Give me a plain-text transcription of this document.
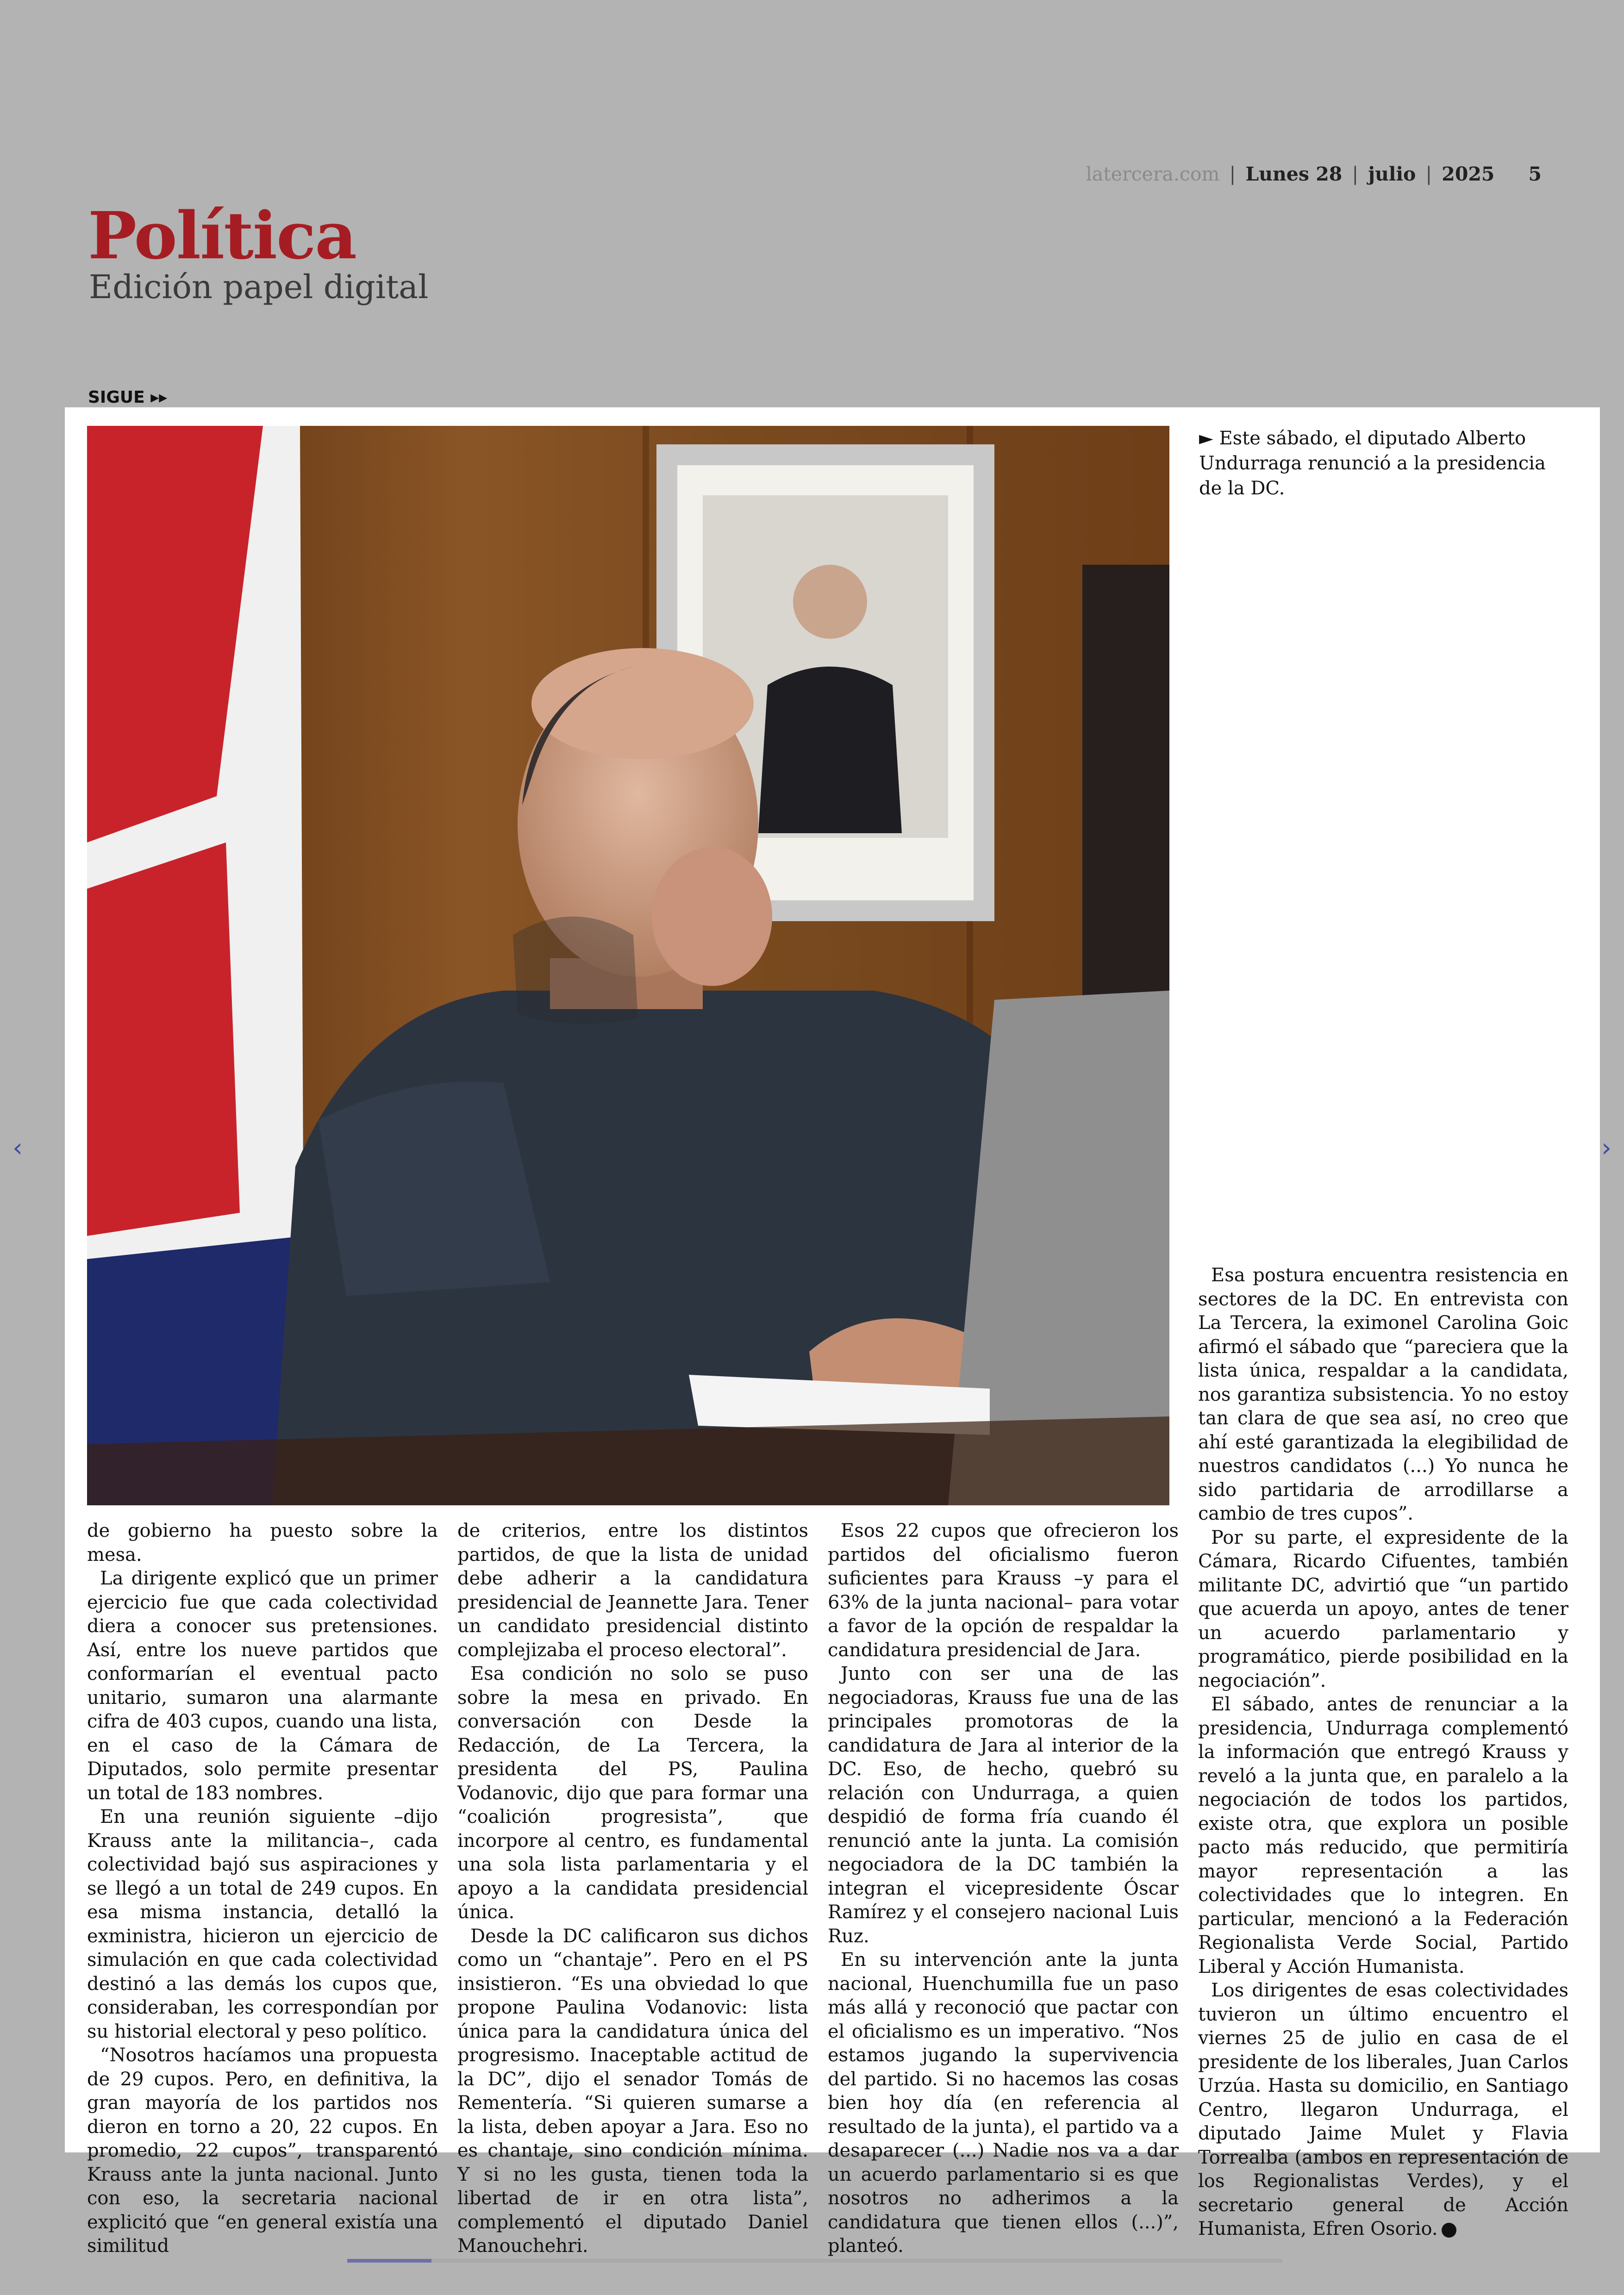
latercera.com | Lunes 28 | julio | 2025 5
Política
Edición papel digital
SIGUE ▸▸
‹	›
► Este sábado, el diputado Alberto Undurraga renunció a la presidencia de la DC.

de gobierno ha puesto sobre la mesa.

La dirigente explicó que un primer ejercicio fue que cada colectividad diera a conocer sus pretensiones. Así, entre los nueve partidos que conformarían el eventual pacto unitario, sumaron una alarmante cifra de 403 cupos, cuando una lista, en el caso de la Cámara de Diputados, solo permite presentar un total de 183 nombres.

En una reunión siguiente –dijo Krauss ante la militancia–, cada colectividad bajó sus aspiraciones y se llegó a un total de 249 cupos. En esa misma instancia, detalló la exministra, hicieron un ejercicio de simulación en que cada colectividad destinó a las demás los cupos que, consideraban, les correspondían por su historial electoral y peso político.

“Nosotros hacíamos una propuesta de 29 cupos. Pero, en definitiva, la gran mayoría de los partidos nos dieron en torno a 20, 22 cupos. En promedio, 22 cupos”, transparentó Krauss ante la junta nacional. Junto con eso, la secretaria nacional explicitó que “en general existía una similitud

de criterios, entre los distintos partidos, de que la lista de unidad debe adherir a la candidatura presidencial de Jeannette Jara. Tener un candidato presidencial distinto complejizaba el proceso electoral”.

Esa condición no solo se puso sobre la mesa en privado. En conversación con Desde la Redacción, de La Tercera, la presidenta del PS, Paulina Vodanovic, dijo que para formar una “coalición progresista”, que incorpore al centro, es fundamental una sola lista parlamentaria y el apoyo a la candidata presidencial única.

Desde la DC calificaron sus dichos como un “chantaje”. Pero en el PS insistieron. “Es una obviedad lo que propone Paulina Vodanovic: lista única para la candidatura única del progresismo. Inaceptable actitud de la DC”, dijo el senador Tomás de Rementería. “Si quieren sumarse a la lista, deben apoyar a Jara. Eso no es chantaje, sino condición mínima. Y si no les gusta, tienen toda la libertad de ir en otra lista”, complementó el diputado Daniel Manouchehri.

Esos 22 cupos que ofrecieron los partidos del oficialismo fueron suficientes para Krauss –y para el 63% de la junta nacional– para votar a favor de la opción de respaldar la candidatura presidencial de Jara.

Junto con ser una de las negociadoras, Krauss fue una de las principales promotoras de la candidatura de Jara al interior de la DC. Eso, de hecho, quebró su relación con Undurraga, a quien despidió de forma fría cuando él renunció ante la junta. La comisión negociadora de la DC también la integran el vicepresidente Óscar Ramírez y el consejero nacional Luis Ruz.

En su intervención ante la junta nacional, Huenchumilla fue un paso más allá y reconoció que pactar con el oficialismo es un imperativo. “Nos estamos jugando la supervivencia del partido. Si no hacemos las cosas bien hoy día (en referencia al resultado de la junta), el partido va a desaparecer (...) Nadie nos va a dar un acuerdo parlamentario si es que nosotros no adherimos a la candidatura que tienen ellos (...)”, planteó.

Esa postura encuentra resistencia en sectores de la DC. En entrevista con La Tercera, la eximonel Carolina Goic afirmó el sábado que “pareciera que la lista única, respaldar a la candidata, nos garantiza subsistencia. Yo no estoy tan clara de que sea así, no creo que ahí esté garantizada la elegibilidad de nuestros candidatos (...) Yo nunca he sido partidaria de arrodillarse a cambio de tres cupos”.

Por su parte, el expresidente de la Cámara, Ricardo Cifuentes, también militante DC, advirtió que “un partido que acuerda un apoyo, antes de tener un acuerdo parlamentario y programático, pierde posibilidad en la negociación”.

El sábado, antes de renunciar a la presidencia, Undurraga complementó la información que entregó Krauss y reveló a la junta que, en paralelo a la negociación de todos los partidos, existe otra, que explora un posible pacto más reducido, que permitiría mayor representación a las colectividades que lo integren. En particular, mencionó a la Federación Regionalista Verde Social, Partido Liberal y Acción Humanista.

Los dirigentes de esas colectividades tuvieron un último encuentro el viernes 25 de julio en casa de el presidente de los liberales, Juan Carlos Urzúa. Hasta su domicilio, en Santiago Centro, llegaron Undurraga, el diputado Jaime Mulet y Flavia Torrealba (ambos en representación de los Regionalistas Verdes), y el secretario general de Acción Humanista, Efren Osorio.
